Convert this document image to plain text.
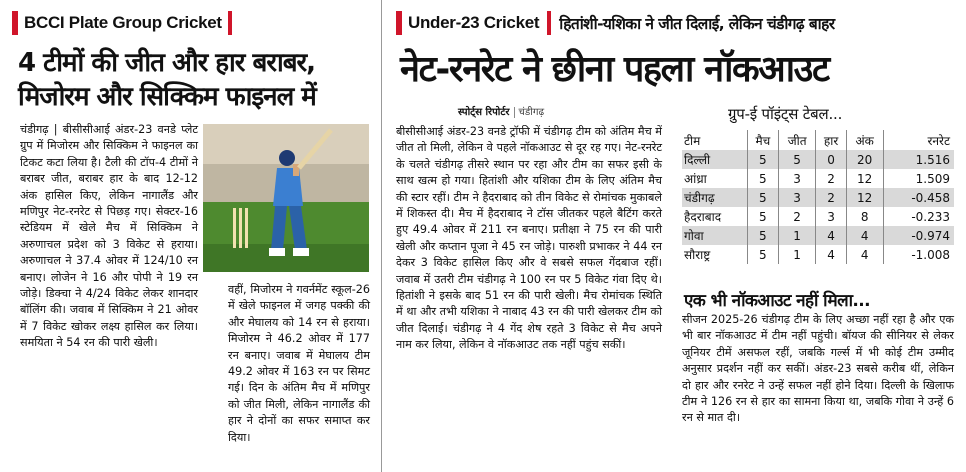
BCCI Plate Group Cricket
4 टीमों की जीत और हार बराबर,
मिजोरम और सिक्किम फाइनल में
चंडीगढ़ | बीसीसीआई अंडर-23 वनडे प्लेट ग्रुप में मिजोरम और सिक्किम ने फाइनल का टिकट कटा लिया है। टैली की टॉप-4 टीमों ने बराबर जीत, बराबर हार के बाद 12-12 अंक हासिल किए, लेकिन नागालैंड और मणिपुर नेट-रनरेट से पिछड़ गए। सेक्टर-16 स्टेडियम में खेले मैच में सिक्किम ने अरुणाचल प्रदेश को 3 विकेट से हराया। अरुणाचल ने 37.4 ओवर में 124/10 रन बनाए। लोजेन ने 16 और पोपी ने 19 रन जोड़े। डिक्चा ने 4/24 विकेट लेकर शानदार बॉलिंग की। जवाब में सिक्किम ने 21 ओवर में 7 विकेट खोकर लक्ष्य हासिल कर लिया। समयिता ने 54 रन की पारी खेली।
वहीं, मिजोरम ने गवर्नमेंट स्कूल-26 में खेले फाइनल में जगह पक्की की और मेघालय को 14 रन से हराया। मिजोरम ने 46.2 ओवर में 177 रन बनाए। जवाब में मेघालय टीम 49.2 ओवर में 163 रन पर सिमट गई। दिन के अंतिम मैच में मणिपुर को जीत मिली, लेकिन नागालैंड की हार ने दोनों का सफर समाप्त कर दिया।
Under-23 Cricket हितांशी-यशिका ने जीत दिलाई, लेकिन चंडीगढ़ बाहर
नेट-रनरेट ने छीना पहला नॉकआउट
स्पोर्ट्स रिपोर्टर चंडीगढ़
बीसीसीआई अंडर-23 वनडे ट्रॉफी में चंडीगढ़ टीम को अंतिम मैच में जीत तो मिली, लेकिन वे पहले नॉकआउट से दूर रह गए। नेट-रनरेट के चलते चंडीगढ़ तीसरे स्थान पर रहा और टीम का सफर इसी के साथ खत्म हो गया। हितांशी और यशिका टीम के लिए अंतिम मैच की स्टार रहीं। टीम ने हैदराबाद को तीन विकेट से रोमांचक मुकाबले में शिकस्त दी। मैच में हैदराबाद ने टॉस जीतकर पहले बैटिंग करते हुए 49.4 ओवर में 211 रन बनाए। प्रतीक्षा ने 75 रन की पारी खेली और कप्तान पूजा ने 45 रन जोड़े। पारुशी प्रभाकर ने 44 रन देकर 3 विकेट हासिल किए और वे सबसे सफल गेंदबाज रहीं। जवाब में उतरी टीम चंडीगढ़ ने 100 रन पर 5 विकेट गंवा दिए थे। हितांशी ने इसके बाद 51 रन की पारी खेली। मैच रोमांचक स्थिति में था और तभी यशिका ने नाबाद 43 रन की पारी खेलकर टीम को जीत दिलाई। चंडीगढ़ ने 4 गेंद शेष रहते 3 विकेट से मैच अपने नाम कर लिया, लेकिन वे नॉकआउट तक नहीं पहुंच सकीं।
ग्रुप-ई पॉइंट्स टेबल...
टीम	मैच	जीत	हार	अंक	रनरेट
दिल्ली	5	5	0	20	1.516
आंध्रा	5	3	2	12	1.509
चंडीगढ़	5	3	2	12	-0.458
हैदराबाद	5	2	3	8	-0.233
गोवा	5	1	4	4	-0.974
सौराष्ट्र	5	1	4	4	-1.008
एक भी नॉकआउट नहीं मिला...
सीजन 2025-26 चंडीगढ़ टीम के लिए अच्छा नहीं रहा है और एक भी बार नॉकआउट में टीम नहीं पहुंची। बॉयज की सीनियर से लेकर जूनियर टीमें असफल रहीं, जबकि गर्ल्स में भी कोई टीम उम्मीद अनुसार प्रदर्शन नहीं कर सकीं। अंडर-23 सबसे करीब थीं, लेकिन दो हार और रनरेट ने उन्हें सफल नहीं होने दिया। दिल्ली के खिलाफ टीम ने 126 रन से हार का सामना किया था, जबकि गोवा ने उन्हें 6 रन से मात दी।
